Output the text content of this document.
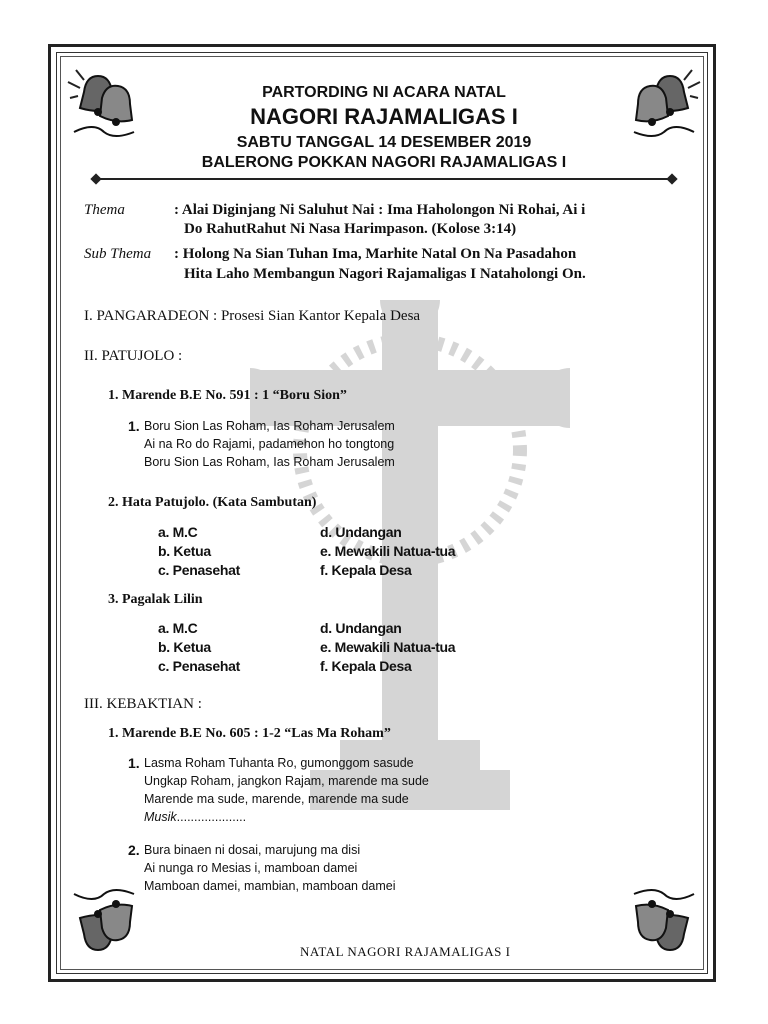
PARTORDING NI ACARA NATAL
NAGORI RAJAMALIGAS I
SABTU TANGGAL 14 DESEMBER 2019
BALERONG POKKAN NAGORI RAJAMALIGAS I
Thema	: Alai Diginjang Ni Saluhut Nai : Ima Haholongon Ni Rohai, Ai i
Do RahutRahut Ni Nasa Harimpason. (Kolose 3:14)
Sub Thema : Holong Na Sian Tuhan Ima, Marhite Natal On Na Pasadahon
Hita Laho Membangun Nagori Rajamaligas I Nataholongi On.
I. PANGARADEON : Prosesi Sian Kantor Kepala Desa
II. PATUJOLO :
1. Marende B.E No. 591 : 1 “Boru Sion”
1. Boru Sion Las Roham, Ias Roham Jerusalem
Ai na Ro do Rajami, padamehon ho tongtong
Boru Sion Las Roham, Ias Roham Jerusalem
2. Hata Patujolo. (Kata Sambutan)
a. M.C
b. Ketua
c. Penasehat
d. Undangan
e. Mewakili Natua-tua
f. Kepala Desa
3. Pagalak Lilin
a. M.C
b. Ketua
c. Penasehat
d. Undangan
e. Mewakili Natua-tua
f. Kepala Desa
III. KEBAKTIAN :
1. Marende B.E No. 605 : 1-2 “Las Ma Roham”
1. Lasma Roham Tuhanta Ro, gumonggom sasude
Ungkap Roham, jangkon Rajam, marende ma sude
Marende ma sude, marende, marende ma sude
Musik....................
2. Bura binaen ni dosai, marujung ma disi
Ai nunga ro Mesias i, mamboan damei
Mamboan damei, mambian, mamboan damei
NATAL NAGORI RAJAMALIGAS I
